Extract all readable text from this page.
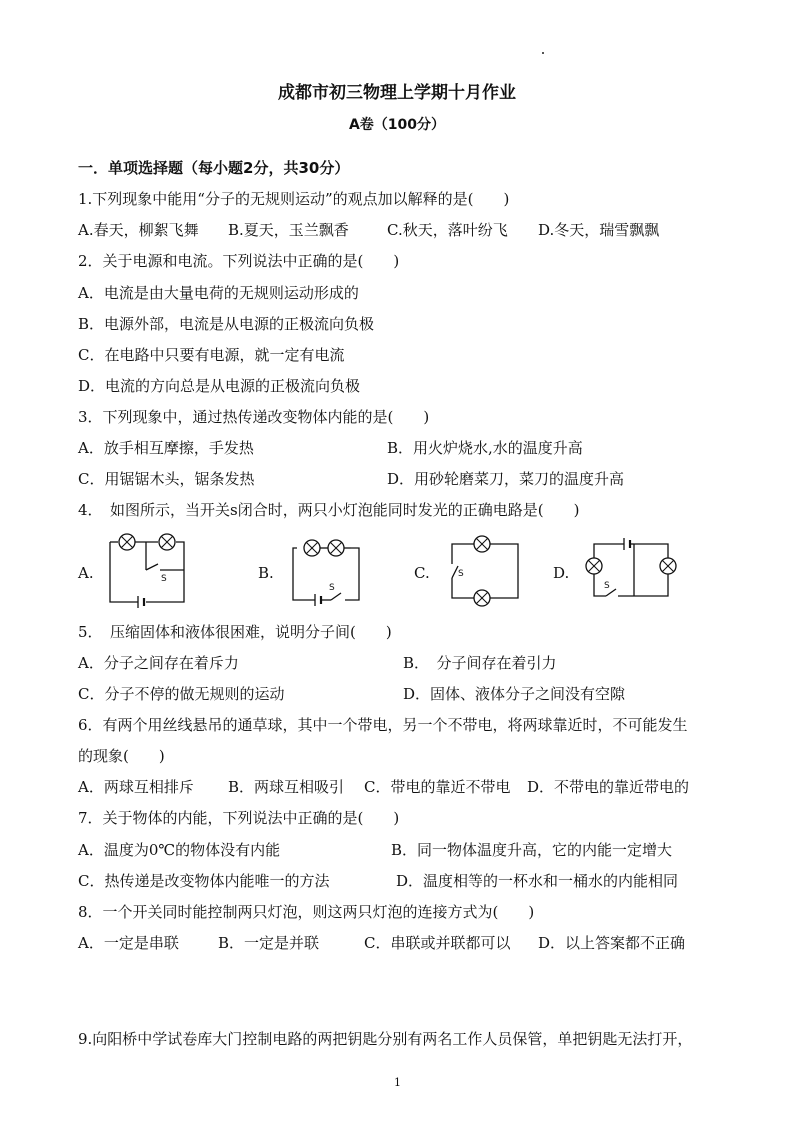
成都市初三物理上学期十月作业
A卷（100分）
一．单项选择题（每小题2分，共30分）
1.下列现象中能用“分子的无规则运动”的观点加以解释的是(　　)
A.春天，柳絮飞舞 B.夏天，玉兰飘香	C.秋天，落叶纷飞 D.冬天，瑞雪飘飘
2．关于电源和电流。下列说法中正确的是(　　)
A．电流是由大量电荷的无规则运动形成的
B．电源外部，电流是从电源的正极流向负极
C．在电路中只要有电源，就一定有电流
D．电流的方向总是从电源的正极流向负极
3．下列现象中，通过热传递改变物体内能的是(　　)
A．放手相互摩擦，手发热	B．用火炉烧水,水的温度升高
C．用锯锯木头，锯条发热	D．用砂轮磨菜刀，菜刀的温度升高
4．　如图所示，当开关s闭合时，两只小灯泡能同时发光的正确电路是(　　)
A.	B.	C.	D.
S
S
S
S
5．　压缩固体和液体很困难，说明分子间(　　)
A．分子之间存在着斥力	B．　分子间存在着引力
C．分子不停的做无规则的运动	D．固体、液体分子之间没有空隙
6．有两个用丝线悬吊的通草球，其中一个带电，另一个不带电，将两球靠近时，不可能发生
的现象(　　)
A．两球互相排斥 B．两球互相吸引 C．带电的靠近不带电 D．不带电的靠近带电的
7．关于物体的内能，下列说法中正确的是(　　)
A．温度为0℃的物体没有内能	B．同一物体温度升高，它的内能一定增大
C．热传递是改变物体内能唯一的方法	D．温度相等的一杯水和一桶水的内能相同
8．一个开关同时能控制两只灯泡，则这两只灯泡的连接方式为(　　)
A．一定是串联	B．一定是并联	C．串联或并联都可以 D．以上答案都不正确
9.向阳桥中学试卷库大门控制电路的两把钥匙分别有两名工作人员保管，单把钥匙无法打开，
1
